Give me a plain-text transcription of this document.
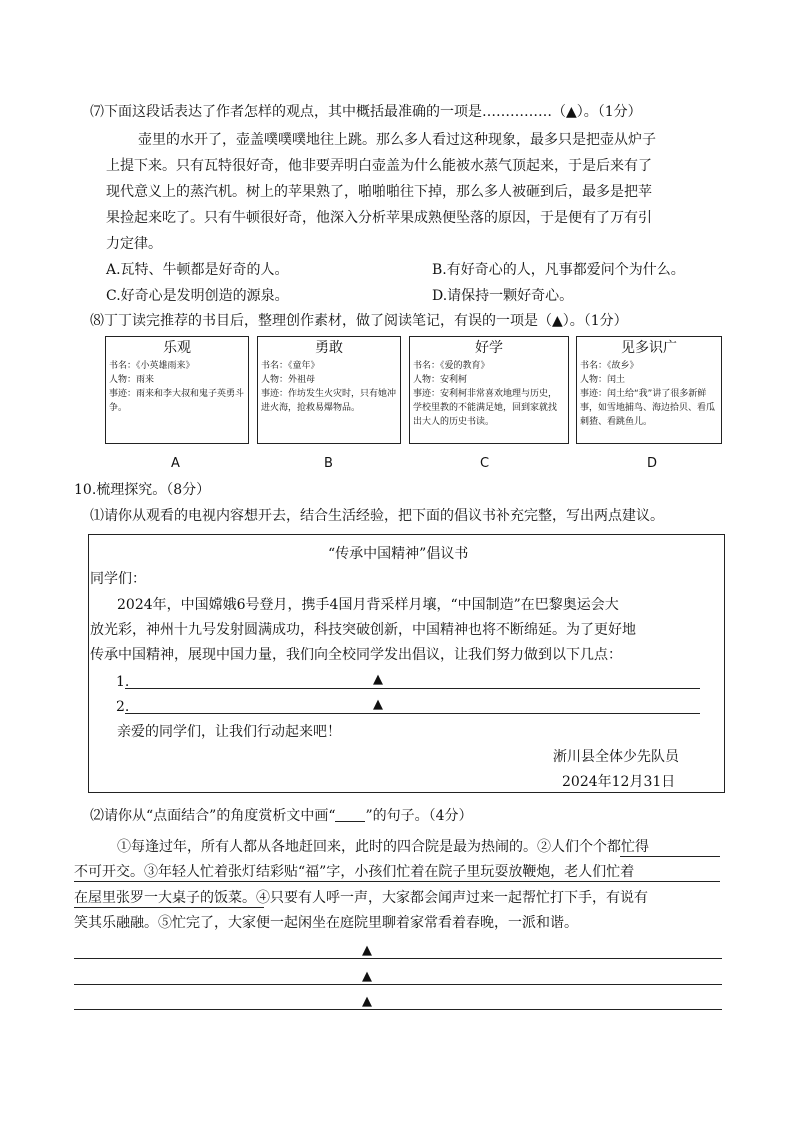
⑺下面这段话表达了作者怎样的观点，其中概括最准确的一项是……………（▲）。（1分）
壶里的水开了，壶盖噗噗噗地往上跳。那么多人看过这种现象，最多只是把壶从炉子
上提下来。只有瓦特很好奇，他非要弄明白壶盖为什么能被水蒸气顶起来，于是后来有了
现代意义上的蒸汽机。树上的苹果熟了，啪啪啪往下掉，那么多人被砸到后，最多是把苹
果捡起来吃了。只有牛顿很好奇，他深入分析苹果成熟便坠落的原因，于是便有了万有引
力定律。
A.瓦特、牛顿都是好奇的人。	B.有好奇心的人，凡事都爱问个为什么。
C.好奇心是发明创造的源泉。	D.请保持一颗好奇心。
⑻丁丁读完推荐的书目后，整理创作素材，做了阅读笔记，有误的一项是（▲）。（1分）
乐观
书名：《小英雄雨来》
人物：雨来
事迹：雨来和李大叔和鬼子英勇斗争。
勇敢
书名：《童年》
人物：外祖母
事迹：作坊发生火灾时，只有她冲进火海，抢救易爆物品。
好学
书名：《爱的教育》
人物：安利柯
事迹：安利柯非常喜欢地理与历史，学校里教的不能满足她，回到家就找出大人的历史书读。
见多识广
书名：《故乡》
人物：闰土
事迹：闰土给“我”讲了很多新鲜事，如雪地捕鸟、海边拾贝、看瓜刺猹、看跳鱼儿。
A	B	C	D
10.梳理探究。（8分）
⑴请你从观看的电视内容想开去，结合生活经验，把下面的倡议书补充完整，写出两点建议。
“传承中国精神”倡议书
同学们：
2024年，中国嫦娥6号登月，携手4国月背采样月壤，“中国制造”在巴黎奥运会大
放光彩，神州十九号发射圆满成功，科技突破创新，中国精神也将不断绵延。为了更好地
传承中国精神，展现中国力量，我们向全校同学发出倡议，让我们努力做到以下几点：
1.	▲
2.	▲
亲爱的同学们，让我们行动起来吧！
淅川县全体少先队员
2024年12月31日
⑵请你从“点面结合”的角度赏析文中画“ ”的句子。（4分）
①每逢过年，所有人都从各地赶回来，此时的四合院是最为热闹的。②人们个个都忙得
不可开交。③年轻人忙着张灯结彩贴“福”字，小孩们忙着在院子里玩耍放鞭炮，老人们忙着
在屋里张罗一大桌子的饭菜。④只要有人呼一声，大家都会闻声过来一起帮忙打下手，有说有
笑其乐融融。⑤忙完了，大家便一起闲坐在庭院里聊着家常看着春晚，一派和谐。
▲
▲
▲
